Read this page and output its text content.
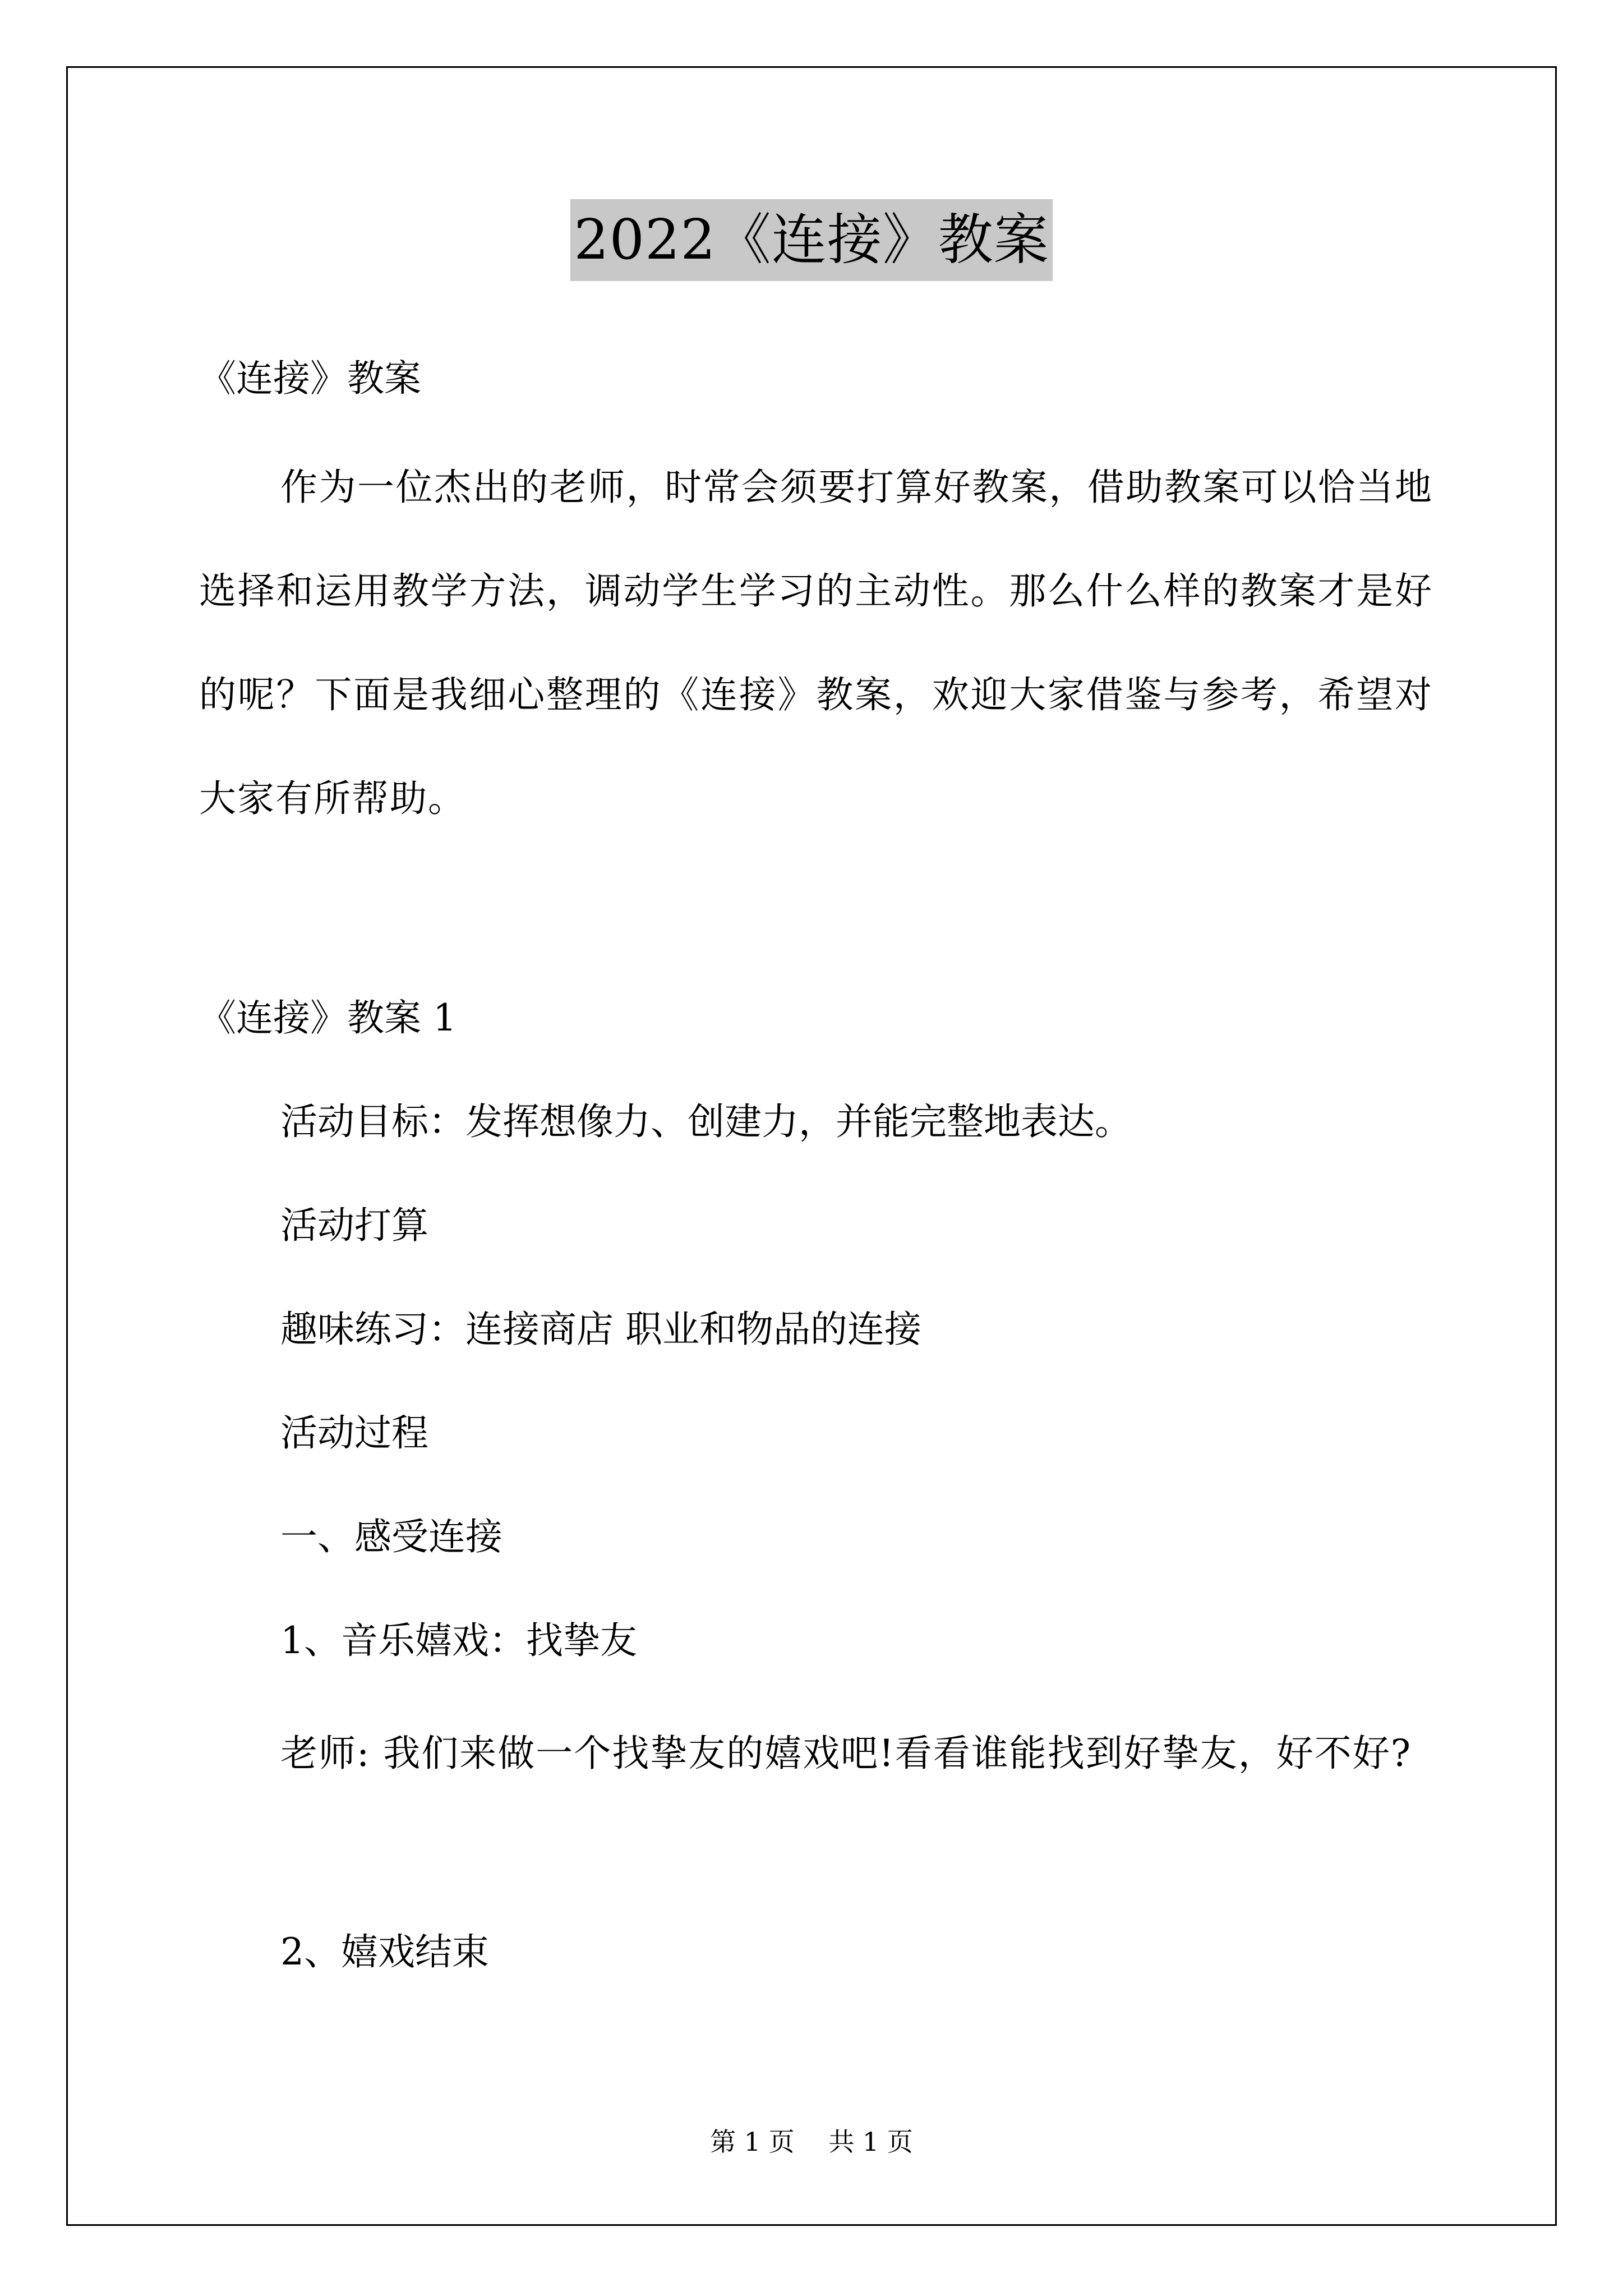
2022《连接》教案
《连接》教案
作为一位杰出的老师，时常会须要打算好教案，借助教案可以恰当地选择和运用教学方法，调动学生学习的主动性。那么什么样的教案才是好的呢？下面是我细心整理的《连接》教案，欢迎大家借鉴与参考，希望对大家有所帮助。
《连接》教案 1
活动目标：发挥想像力、创建力，并能完整地表达。
活动打算
趣味练习：连接商店 职业和物品的连接
活动过程
一、感受连接
1、音乐嬉戏：找挚友
老师: 我们来做一个找挚友的嬉戏吧!看看谁能找到好挚友，好不好?
2、嬉戏结束
第 1 页　 共 1 页
